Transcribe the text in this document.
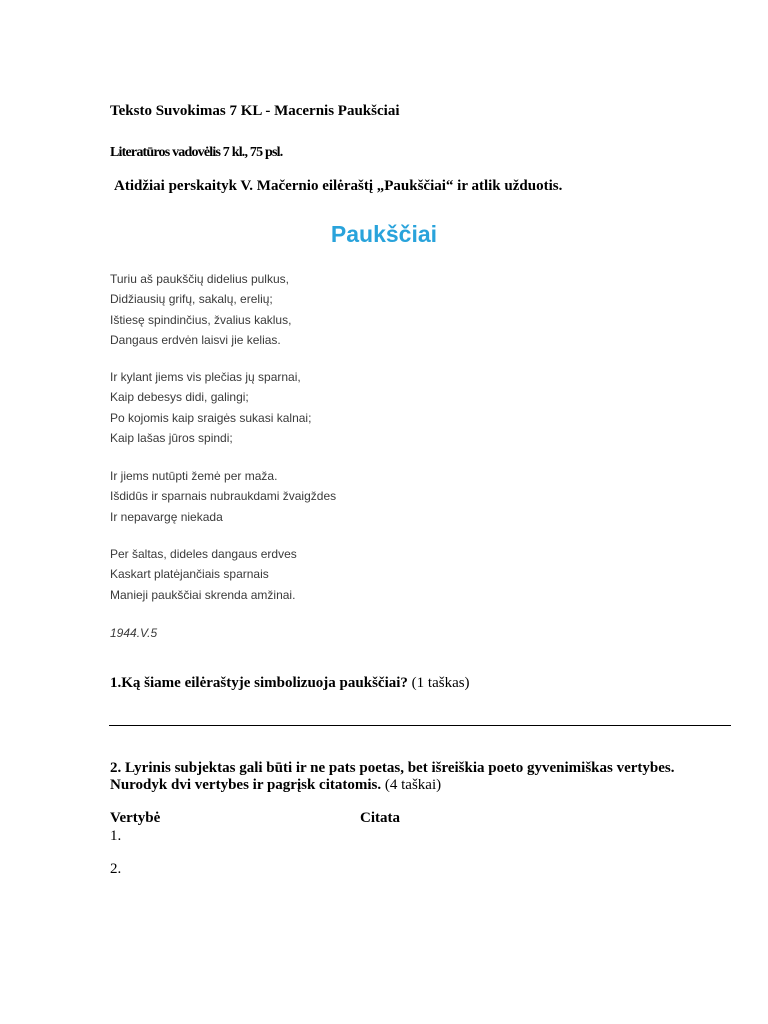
Teksto Suvokimas 7 KL - Macernis Paukšciai
Literatūros vadovėlis 7 kl., 75 psl.
Atidžiai perskaityk V. Mačernio eilėraštį „Paukščiai“ ir atlik užduotis.
Paukščiai
Turiu aš paukščių didelius pulkus,
Didžiausių grifų, sakalų, erelių;
Ištiesę spindinčius, žvalius kaklus,
Dangaus erdvėn laisvi jie kelias.
Ir kylant jiems vis plečias jų sparnai,
Kaip debesys didi, galingi;
Po kojomis kaip sraigės sukasi kalnai;
Kaip lašas jūros spindi;
Ir jiems nutūpti žemė per maža.
Išdidūs ir sparnais nubraukdami žvaigždes
Ir nepavargę niekada
Per šaltas, dideles dangaus erdves
Kaskart platėjančiais sparnais
Manieji paukščiai skrenda amžinai.
1944.V.5
1.Ką šiame eilėraštyje simbolizuoja paukščiai? (1 taškas)
2. Lyrinis subjektas gali būti ir ne pats poetas, bet išreiškia poeto gyvenimiškas vertybes.
Nurodyk dvi vertybes ir pagrįsk citatomis. (4 taškai)
Vertybė	Citata
1.
2.
